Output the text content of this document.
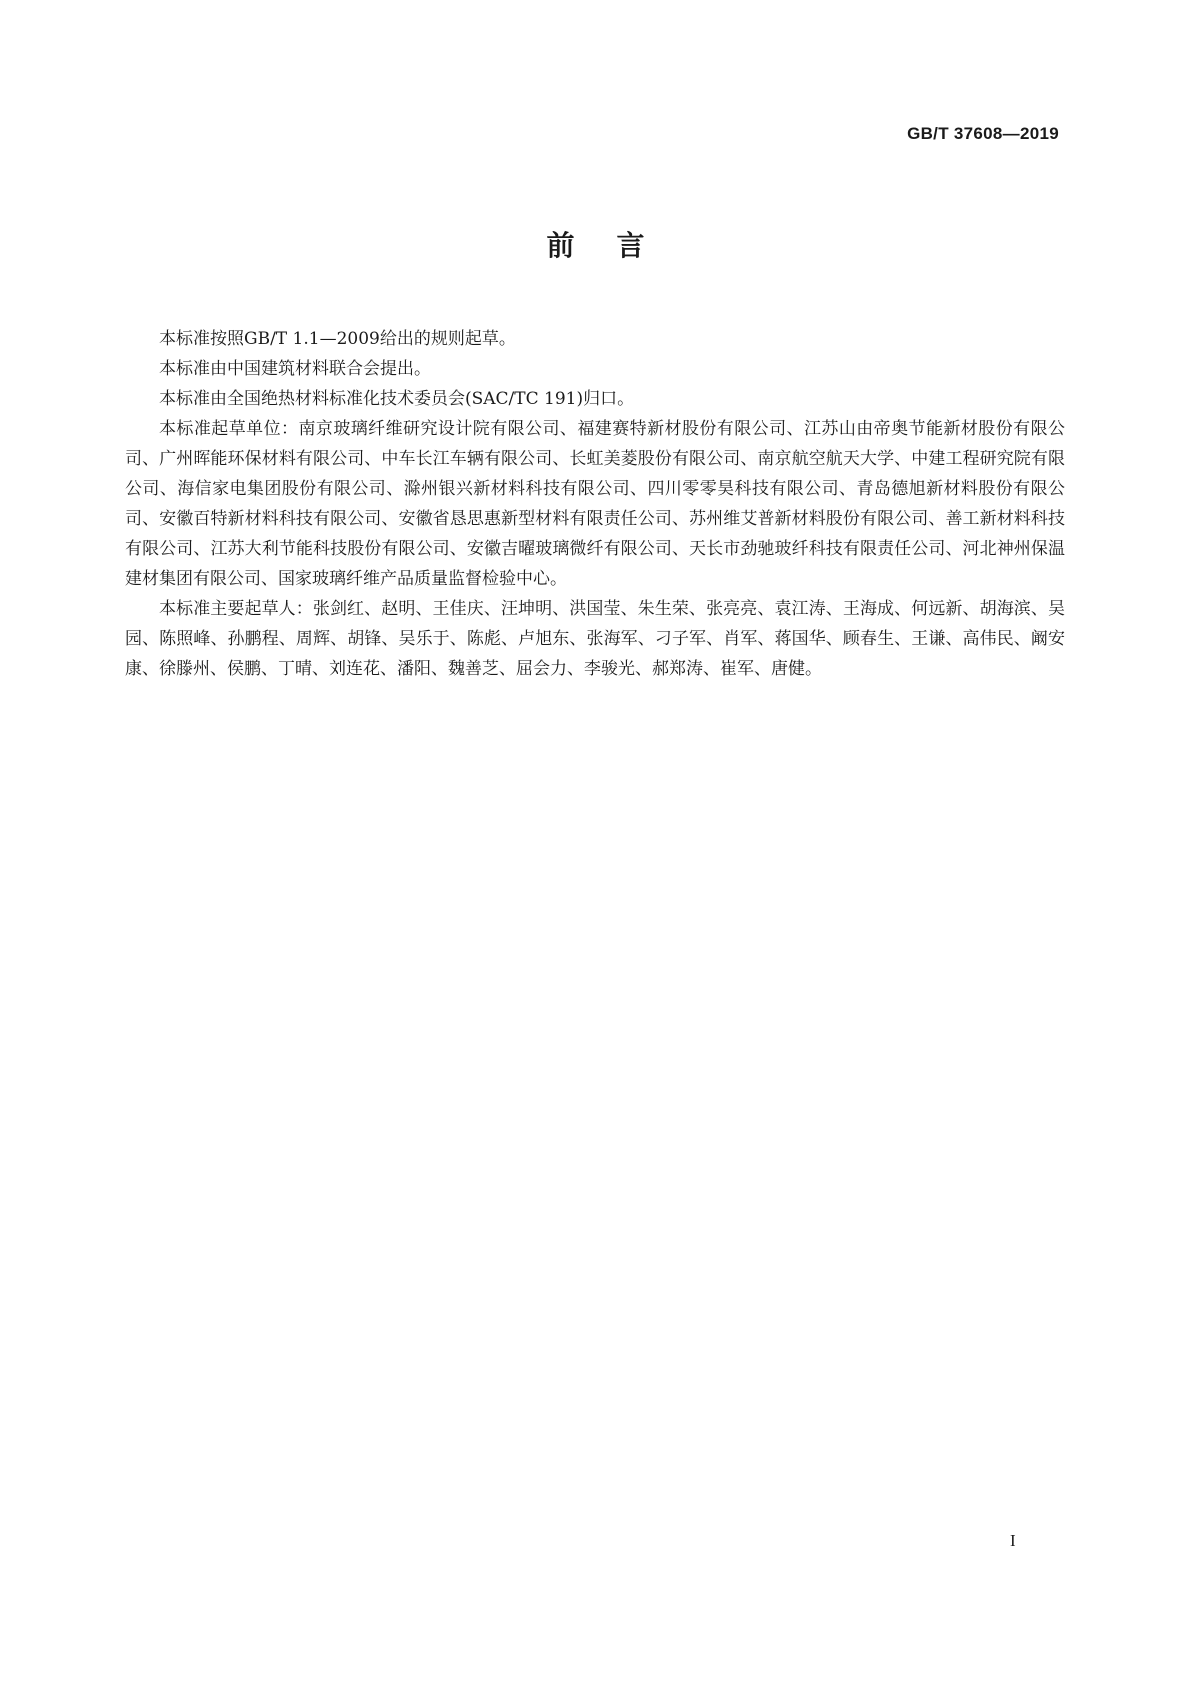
GB/T 37608—2019
前言

本标准按照GB/T 1.1—2009给出的规则起草。

本标准由中国建筑材料联合会提出。

本标准由全国绝热材料标准化技术委员会(SAC/TC 191)归口。

本标准起草单位：南京玻璃纤维研究设计院有限公司、福建赛特新材股份有限公司、江苏山由帝奥节能新材股份有限公司、广州晖能环保材料有限公司、中车长江车辆有限公司、长虹美菱股份有限公司、南京航空航天大学、中建工程研究院有限公司、海信家电集团股份有限公司、滁州银兴新材料科技有限公司、四川零零昊科技有限公司、青岛德旭新材料股份有限公司、安徽百特新材料科技有限公司、安徽省恳思惠新型材料有限责任公司、苏州维艾普新材料股份有限公司、善工新材料科技有限公司、江苏大利节能科技股份有限公司、安徽吉曜玻璃微纤有限公司、天长市劲驰玻纤科技有限责任公司、河北神州保温建材集团有限公司、国家玻璃纤维产品质量监督检验中心。

本标准主要起草人：张剑红、赵明、王佳庆、汪坤明、洪国莹、朱生荣、张亮亮、袁江涛、王海成、何远新、胡海滨、吴园、陈照峰、孙鹏程、周辉、胡锋、吴乐于、陈彪、卢旭东、张海军、刁子军、肖军、蒋国华、顾春生、王谦、高伟民、阚安康、徐滕州、侯鹏、丁晴、刘连花、潘阳、魏善芝、屈会力、李骏光、郝郑涛、崔军、唐健。

I
